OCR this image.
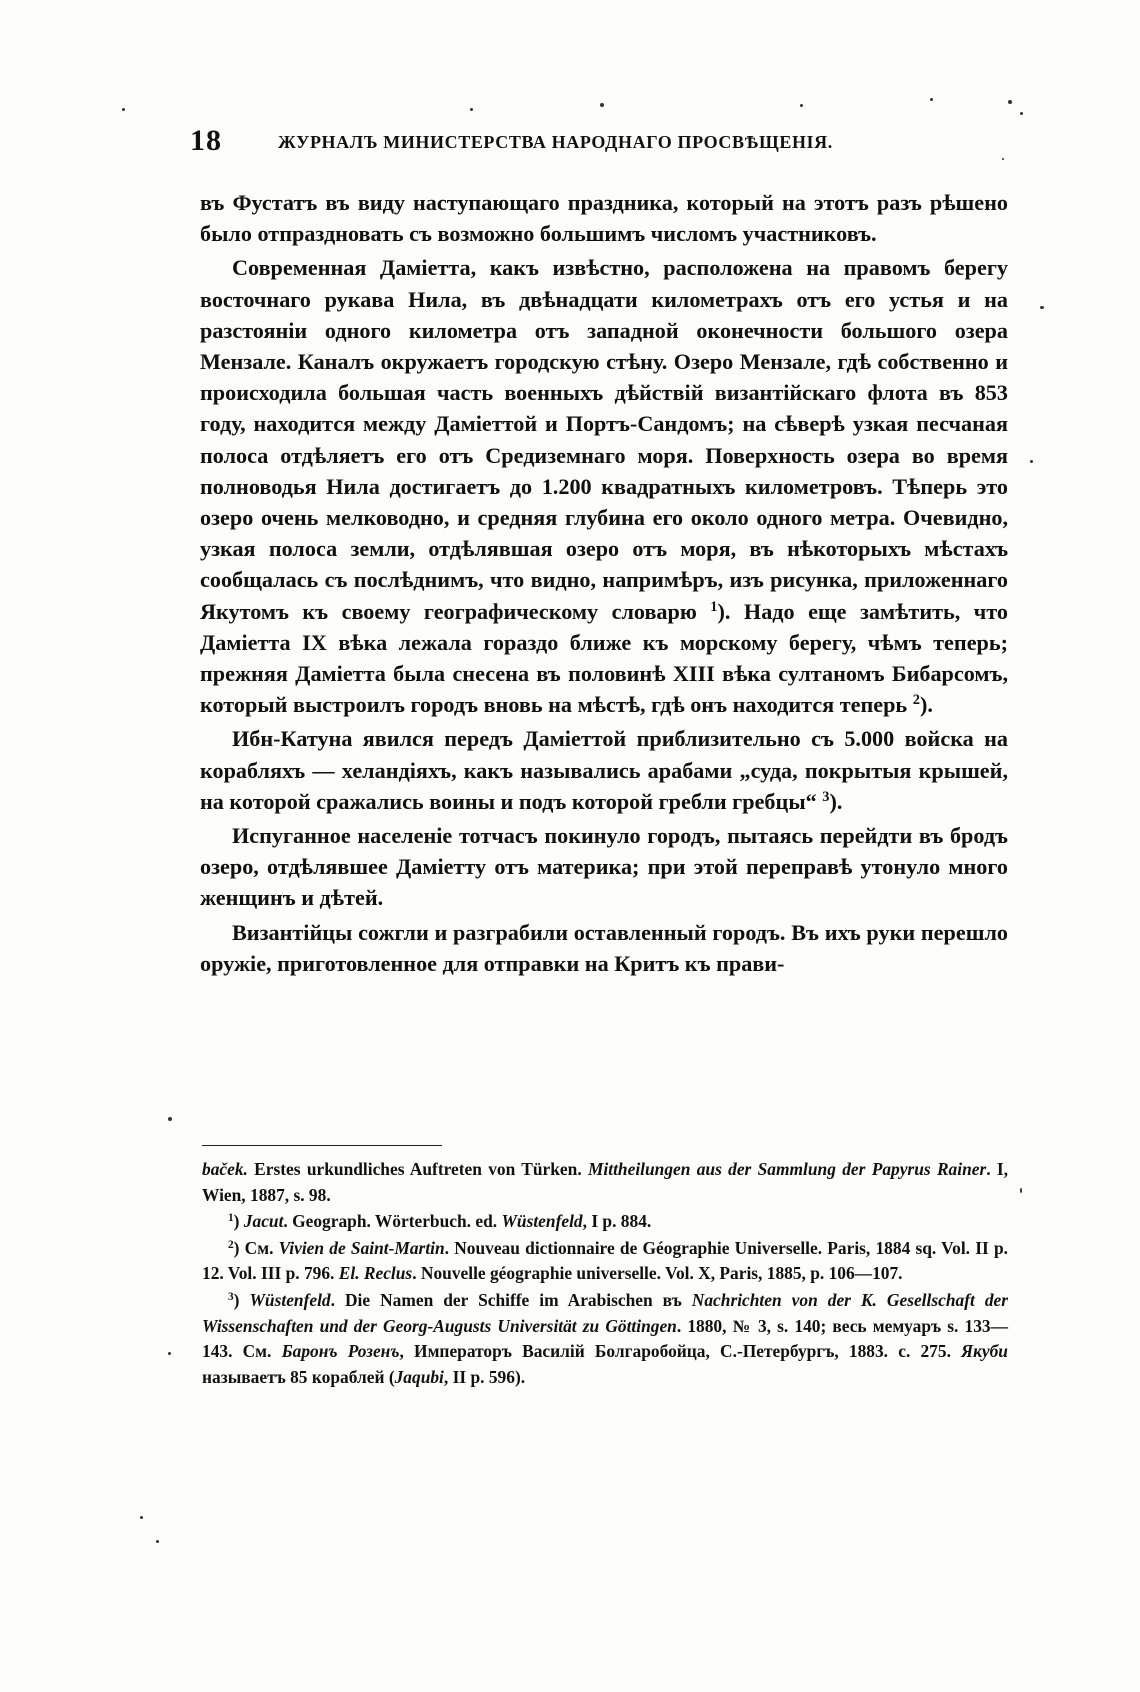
18	ЖУРНАЛЪ МИНИСТЕРСТВА НАРОДНАГО ПРОСВѢЩЕНІЯ.

въ Фустатъ въ виду наступающаго праздника, который на этотъ разъ рѣшено было отпраздновать съ возможно большимъ числомъ участниковъ.

Современная Даміетта, какъ извѣстно, расположена на правомъ берегу восточнаго рукава Нила, въ двѣнадцати километрахъ отъ его устья и на разстояніи одного километра отъ западной оконечности большого озера Мензале. Каналъ окружаетъ городскую стѣну. Озеро Мензале, гдѣ собственно и происходила большая часть военныхъ дѣйствій византійскаго флота въ 853 году, находится между Даміеттой и Портъ-Сандомъ; на сѣверѣ узкая песчаная полоса отдѣляетъ его отъ Средиземнаго моря. Поверхность озера во время полноводья Нила достигаетъ до 1.200 квадратныхъ километровъ. Тѣперь это озеро очень мелководно, и средняя глубина его около одного метра. Очевидно, узкая полоса земли, отдѣлявшая озеро отъ моря, въ нѣкоторыхъ мѣстахъ сообщалась съ послѣднимъ, что видно, напримѣръ, изъ рисунка, приложеннаго Якутомъ къ своему географическому словарю $^1$). Надо еще замѣтить, что Даміетта IX вѣка лежала гораздо ближе къ морскому берегу, чѣмъ теперь; прежняя Даміетта была снесена въ половинѣ XIII вѣка султаномъ Бибарсомъ, который выстроилъ городъ вновь на мѣстѣ, гдѣ онъ находится теперь $^2$).

Ибн-Катуна явился передъ Даміеттой приблизительно съ 5.000 войска на корабляхъ — хеландіяхъ, какъ назывались арабами „суда, покрытыя крышей, на которой сражались воины и подъ которой гребли гребцы“ $^3$).

Испуганное населеніе тотчасъ покинуло городъ, пытаясь перейдти въ бродъ озеро, отдѣлявшее Даміетту отъ материка; при этой переправѣ утонуло много женщинъ и дѣтей.

Византійцы сожгли и разграбили оставленный городъ. Въ ихъ руки перешло оружіе, приготовленное для отправки на Критъ къ прави-

baček. Erstes urkundliches Auftreten von Türken. Mittheilungen aus der Sammlung der Papyrus Rainer. I, Wien, 1887, s. 98.

$^1$) Jacut. Geograph. Wörterbuch. ed. Wüstenfeld, I p. 884.

$^2$) См. Vivien de Saint-Martin. Nouveau dictionnaire de Géographie Universelle. Paris, 1884 sq. Vol. II p. 12. Vol. III p. 796. El. Reclus. Nouvelle géographie universelle. Vol. X, Paris, 1885, p. 106—107.

$^3$) Wüstenfeld. Die Namen der Schiffe im Arabischen въ Nachrichten von der K. Gesellschaft der Wissenschaften und der Georg-Augusts Universität zu Göttingen. 1880, № 3, s. 140; весь мемуаръ s. 133—143. См. Баронъ Розенъ, Императоръ Василій Болгаробойца, С.-Петербургъ, 1883. с. 275. Якуби называетъ 85 кораблей (Jaqubi, II p. 596).
